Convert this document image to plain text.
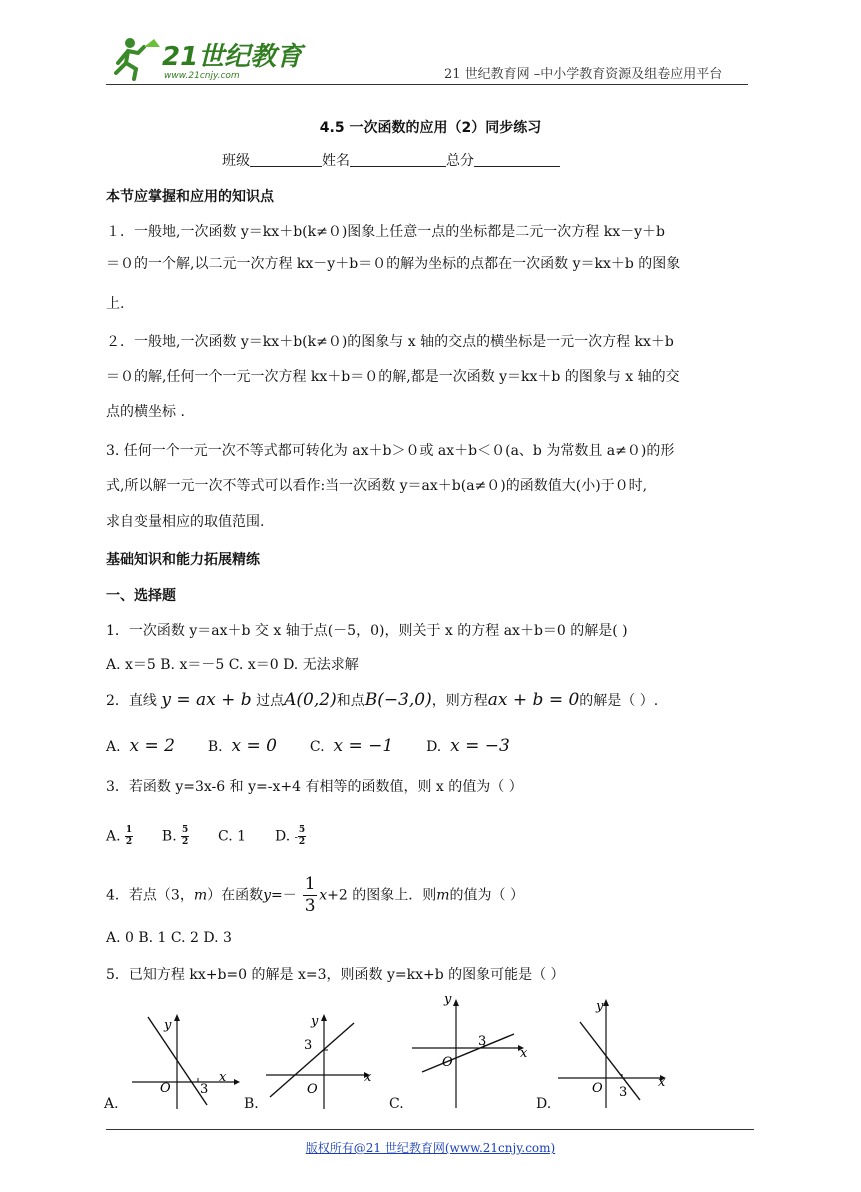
21世纪教育
www.21cnjy.com	21 世纪教育网 –中小学教育资源及组卷应用平台
4.5 一次函数的应用（2）同步练习
班级	姓名	总分
本节应掌握和应用的知识点
１．一般地,一次函数 y＝kx＋b(k≠０)图象上任意一点的坐标都是二元一次方程 kx－y＋b
＝０的一个解,以二元一次方程 kx－y＋b＝０的解为坐标的点都在一次函数 y＝kx＋b 的图象
上.
２．一般地,一次函数 y＝kx＋b(k≠０)的图象与 x 轴的交点的横坐标是一元一次方程 kx＋b
＝０的解,任何一个一元一次方程 kx＋b＝０的解,都是一次函数 y＝kx＋b 的图象与 x 轴的交
点的横坐标 .
3. 任何一个一元一次不等式都可转化为 ax＋b＞０或 ax＋b＜０(a、b 为常数且 a≠０)的形
式,所以解一元一次不等式可以看作:当一次函数 y＝ax＋b(a≠０)的函数值大(小)于０时,
求自变量相应的取值范围.
基础知识和能力拓展精练
一、选择题
1．一次函数 y＝ax＋b 交 x 轴于点(－5，0)，则关于 x 的方程 ax＋b＝0 的解是( )
A. x＝5 B. x＝－5 C. x＝0 D. 无法求解
2．直线 y = ax + b 过点A(0,2)和点B(−3,0)，则方程ax + b = 0的解是（ ）.
A. x = 2 B. x = 0 C. x = −1 D. x = −3
3．若函数 y=3x-6 和 y=-x+4 有相等的函数值，则 x 的值为（ ）
A. $\frac{1}{2} B$. $\frac{5}{2} C$. 1 D. - $\frac{5}{2}$
4．若点（3，m）在函数$y=- \frac{1}{3} x+2$ 的图象上．则m的值为（ ）
A. 0 B. 1 C. 2 D. 3
5．已知方程 kx+b=0 的解是 x=3，则函数 y=kx+b 的图象可能是（ ）
x
y
O 3
A.
x
y
O
3
B.
x
y
O
3
C.
x
y
O 3
D.
版权所有@21 世纪教育网(www.21cnjy.com)
